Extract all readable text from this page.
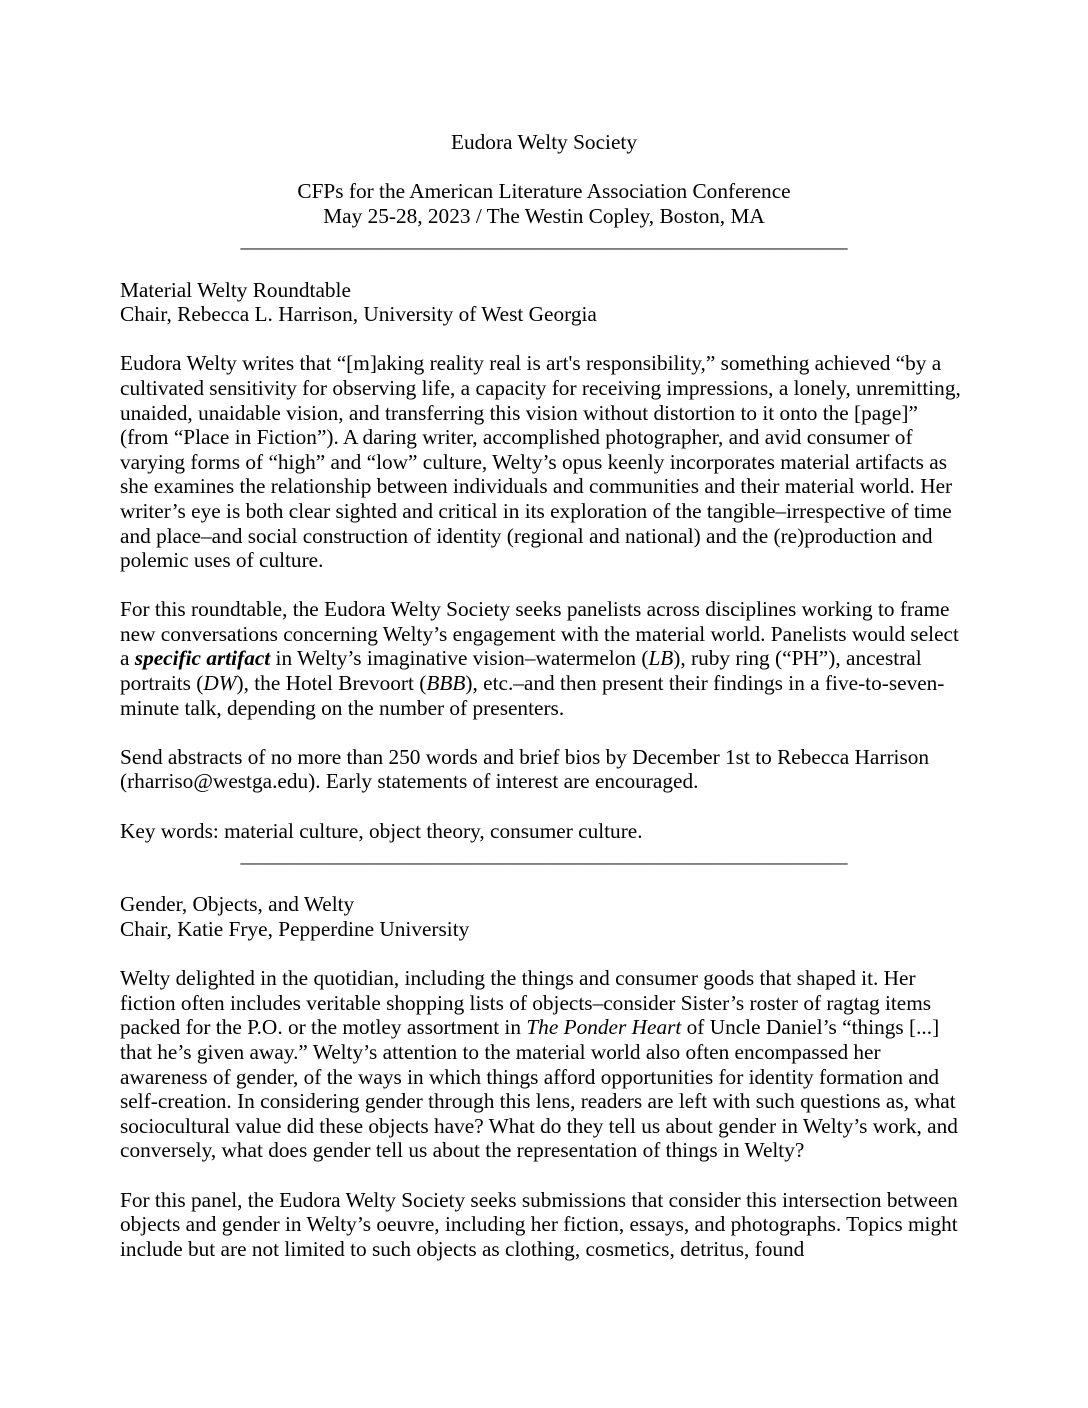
Eudora Welty Society
CFPs for the American Literature Association Conference
May 25-28, 2023 / The Westin Copley, Boston, MA
_________________________________________________________
Material Welty Roundtable
Chair, Rebecca L. Harrison, University of West Georgia

Eudora Welty writes that “[m]aking reality real is art's responsibility,” something achieved “by a cultivated sensitivity for observing life, a capacity for receiving impressions, a lonely, unremitting, unaided, unaidable vision, and transferring this vision without distortion to it onto the [page]” (from “Place in Fiction”). A daring writer, accomplished photographer, and avid consumer of varying forms of “high” and “low” culture, Welty’s opus keenly incorporates material artifacts as she examines the relationship between individuals and communities and their material world. Her writer’s eye is both clear sighted and critical in its exploration of the tangible–irrespective of time and place–and social construction of identity (regional and national) and the (re)production and polemic uses of culture.

For this roundtable, the Eudora Welty Society seeks panelists across disciplines working to frame new conversations concerning Welty’s engagement with the material world. Panelists would select a specific artifact in Welty’s imaginative vision–watermelon (LB), ruby ring (“PH”), ancestral portraits (DW), the Hotel Brevoort (BBB), etc.–and then present their findings in a five-to-seven-minute talk, depending on the number of presenters.

Send abstracts of no more than 250 words and brief bios by December 1st to Rebecca Harrison (rharriso@westga.edu). Early statements of interest are encouraged.

Key words: material culture, object theory, consumer culture.

_________________________________________________________
Gender, Objects, and Welty
Chair, Katie Frye, Pepperdine University

Welty delighted in the quotidian, including the things and consumer goods that shaped it. Her fiction often includes veritable shopping lists of objects–consider Sister’s roster of ragtag items packed for the P.O. or the motley assortment in The Ponder Heart of Uncle Daniel’s “things [...] that he’s given away.” Welty’s attention to the material world also often encompassed her awareness of gender, of the ways in which things afford opportunities for identity formation and self-creation. In considering gender through this lens, readers are left with such questions as, what sociocultural value did these objects have? What do they tell us about gender in Welty’s work, and conversely, what does gender tell us about the representation of things in Welty?

For this panel, the Eudora Welty Society seeks submissions that consider this intersection between objects and gender in Welty’s oeuvre, including her fiction, essays, and photographs. Topics might include but are not limited to such objects as clothing, cosmetics, detritus, found
